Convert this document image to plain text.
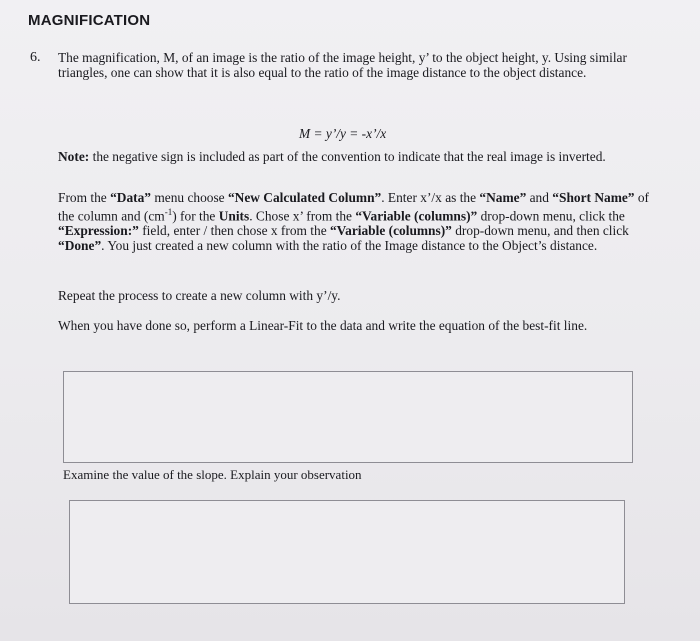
MAGNIFICATION
6. The magnification, M, of an image is the ratio of the image height, y’ to the object height, y. Using similar triangles, one can show that it is also equal to the ratio of the image distance to the object distance.
M = y’/y = -x’/x
Note: the negative sign is included as part of the convention to indicate that the real image is inverted.
From the “Data” menu choose “New Calculated Column”. Enter x’/x as the “Name” and “Short Name” of the column and $(cm^{-1})$ for the Units. Chose x’ from the “Variable (columns)” drop-down menu, click the “Expression:” field, enter / then chose x from the “Variable (columns)” drop-down menu, and then click “Done”. You just created a new column with the ratio of the Image distance to the Object’s distance.
Repeat the process to create a new column with y’/y.
When you have done so, perform a Linear-Fit to the data and write the equation of the best-fit line.
Examine the value of the slope. Explain your observation
